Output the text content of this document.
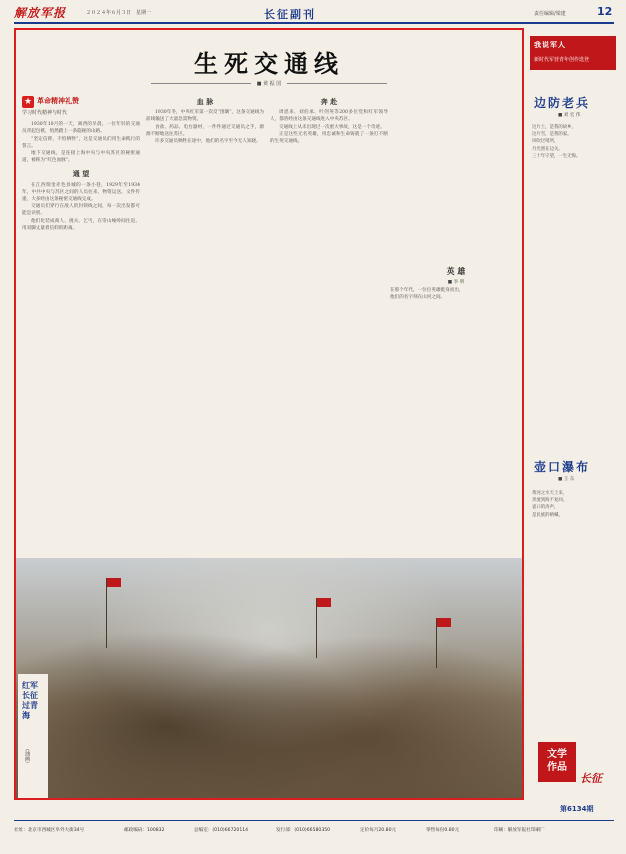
解放军报	２０２４年６月３日　星期一	长征副刊	责任编辑/梁建	12
生死交通线
■ 黄 振 国
★ 革命精神礼赞
学习时代精神与时代

1930年10月的一天，闽西的早晨，一位年轻的交通员背起包袱，悄然踏上一条隐秘的山路。

“坚定信仰，不怕牺牲”，这是交通员们用生命践行的誓言。

地下交通线，是连接上海中央与中央苏区的秘密通道，被称为“红色血脉”。

通 望

在江西瑞金赤色县城的一条小巷，1929年至1934年，中共中央与苏区之间的人员往来、物资运送、文件传递，大多经由这条秘密交通线完成。

交通员们穿行在敌人的封锁线之间，每一次出发都可能是诀别。

他们化装成商人、挑夫、乞丐，在崇山峻岭间往返，用双脚丈量着信仰的距离。

血 脉

1930年冬，中央红军第一次反“围剿”，这条交通线为前线输送了大量急需物资。

食盐、药品、电台器材，一件件通过交通员之手，源源不断地送往苏区。

许多交通员牺牲在途中，他们的名字至今无人知晓。

奔 赴

周恩来、刘伯承、叶剑英等200多位党和红军领导人，都曾经由这条交通线进入中央苏区。

交通线上从未出现过一次重大事故，这是一个奇迹。

正是这些无名英雄，用忠诚和生命铸就了一条打不断的生死交通线。

红军长征过青海
（油画）
我说军人
新时代军营青年创作选登
边防老兵
■ 刘 宏 伟

这片土，是我的故乡，

这片雪，是我的家。

风吹过哨所，

月光照在边关。

三十年守望，一生无悔。

壶口瀑布
■ 王 东

黄河之水天上来，

奔流到海不复回。

壶口的涛声，

是民族的呐喊。

文学
作品
长征
英 雄
■ 李 明

在那个年代，一位位英雄挺身而出，

他们的名字刻在山河之间。

第6134期
社址：北京市西城区阜外大街34号	邮政编码：100832	总编室：(010)66720114	发行部：(010)66580350	定价每月20.80元	零售每份0.80元	印刷：解放军报社印刷厂
